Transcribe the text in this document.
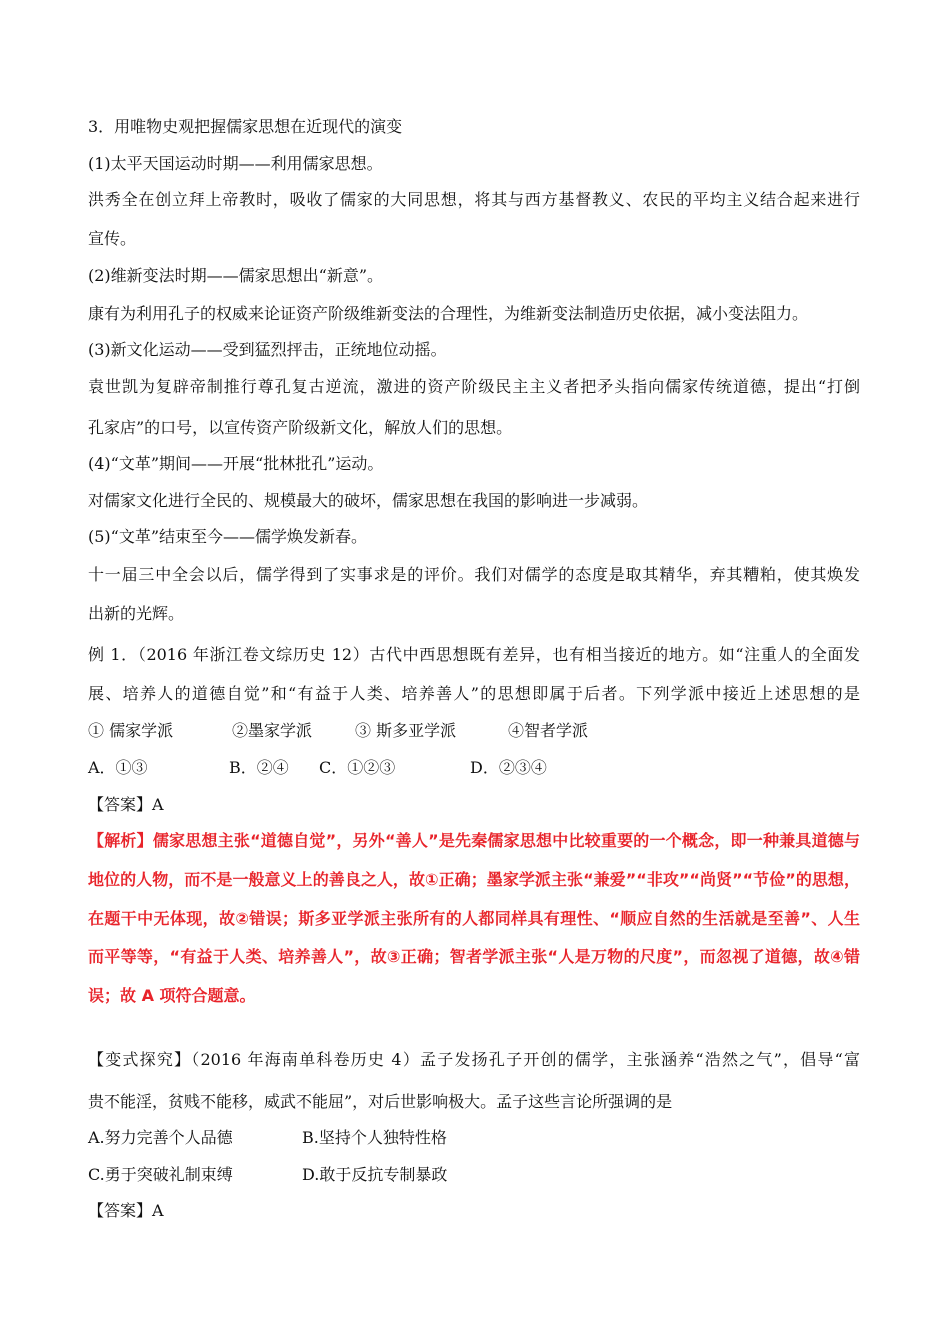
3．用唯物史观把握儒家思想在近现代的演变
(1)太平天国运动时期——利用儒家思想。
洪秀全在创立拜上帝教时，吸收了儒家的大同思想，将其与西方基督教义、农民的平均主义结合起来进行
宣传。
(2)维新变法时期——儒家思想出“新意”。
康有为利用孔子的权威来论证资产阶级维新变法的合理性，为维新变法制造历史依据，减小变法阻力。
(3)新文化运动——受到猛烈抨击，正统地位动摇。
袁世凯为复辟帝制推行尊孔复古逆流，激进的资产阶级民主主义者把矛头指向儒家传统道德，提出“打倒
孔家店”的口号，以宣传资产阶级新文化，解放人们的思想。
(4)“文革”期间——开展“批林批孔”运动。
对儒家文化进行全民的、规模最大的破坏，儒家思想在我国的影响进一步减弱。
(5)“文革”结束至今——儒学焕发新春。
十一届三中全会以后，儒学得到了实事求是的评价。我们对儒学的态度是取其精华，弃其糟粕，使其焕发
出新的光辉。
例 1．（2016 年浙江卷文综历史 12）古代中西思想既有差异，也有相当接近的地方。如“注重人的全面发
展、培养人的道德自觉”和“有益于人类、培养善人”的思想即属于后者。下列学派中接近上述思想的是
① 儒家学派	②墨家学派	③ 斯多亚学派	④智者学派
A．①③	B．②④ C．①②③	D．②③④
【答案】A
【解析】儒家思想主张“道德自觉”，另外“善人”是先秦儒家思想中比较重要的一个概念，即一种兼具道德与
地位的人物，而不是一般意义上的善良之人，故①正确；墨家学派主张“兼爱”“非攻”“尚贤”“节俭”的思想，
在题干中无体现，故②错误；斯多亚学派主张所有的人都同样具有理性、“顺应自然的生活就是至善”、人生
而平等等，“有益于人类、培养善人”，故③正确；智者学派主张“人是万物的尺度”，而忽视了道德，故④错
误；故 A 项符合题意。
【变式探究】（2016 年海南单科卷历史 4）孟子发扬孔子开创的儒学，主张涵养“浩然之气”，倡导“富
贵不能淫，贫贱不能移，威武不能屈”，对后世影响极大。孟子这些言论所强调的是
A.努力完善个人品德	B.坚持个人独特性格
C.勇于突破礼制束缚	D.敢于反抗专制暴政
【答案】A
